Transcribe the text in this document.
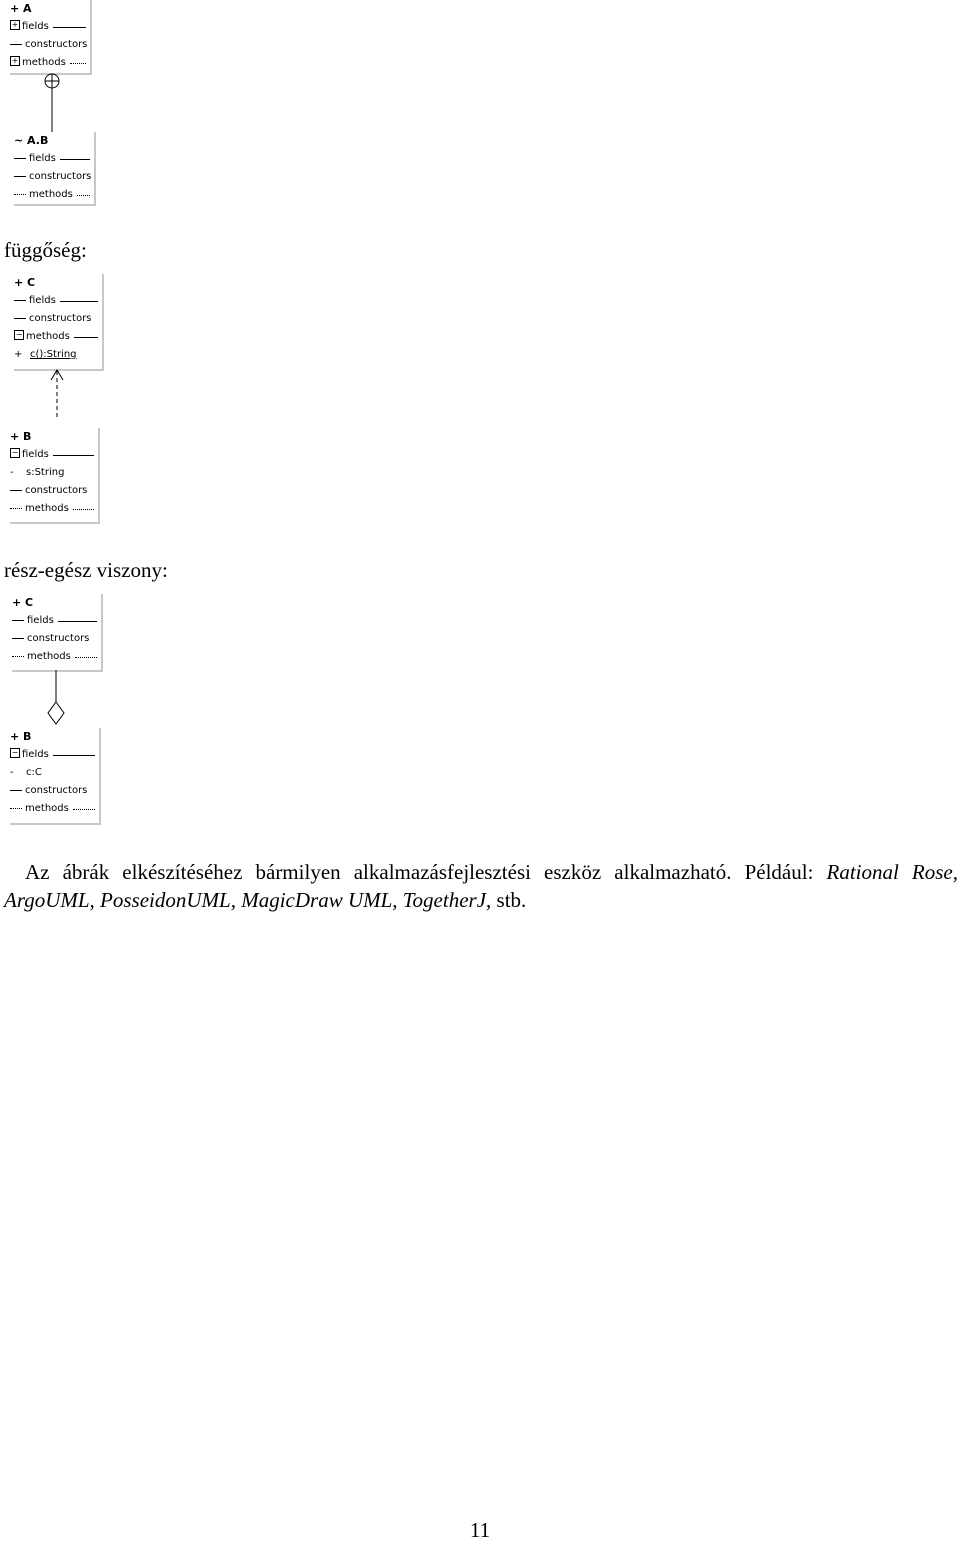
+ A
+ fields
constructors
+ methods
~ A.B
fields
constructors
methods
függőség:
+ C
fields
constructors
− methods
+ c():String
+ B
− fields
- s:String
constructors
methods
rész-egész viszony:
+ C
fields
constructors
methods
+ B
− fields
- c:C
constructors
methods

 Az ábrák elkészítéséhez bármilyen alkalmazásfejlesztési eszköz alkalmazható. Például: Rational Rose, ArgoUML, PosseidonUML, MagicDraw UML, TogetherJ, stb.

11
